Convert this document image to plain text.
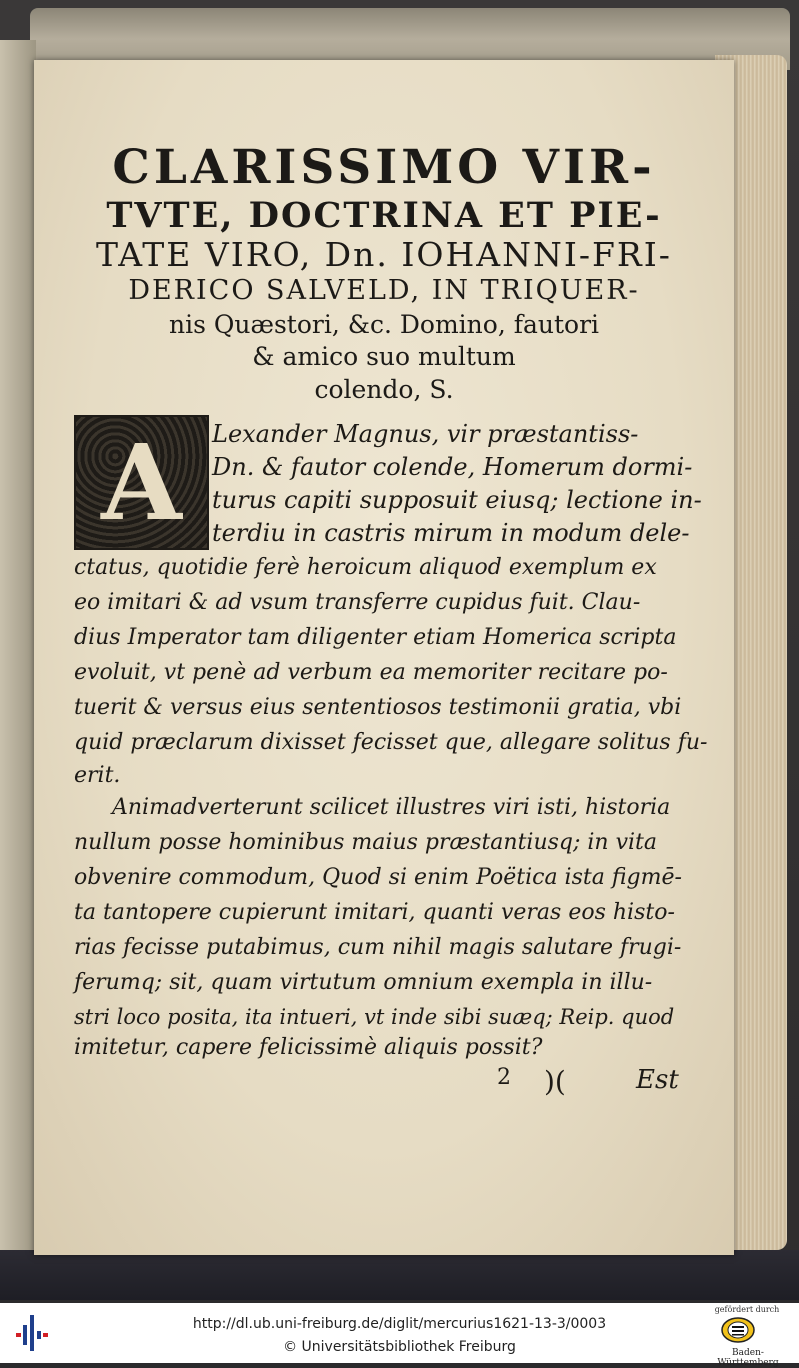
CLARISSIMO VIR-
TVTE, DOCTRINA ET PIE-
TATE VIRO, Dn. IOHANNI-FRI-
DERICO SALVELD, IN TRIQUER-
nis Quæstori, &c. Domino, fautori
& amico suo multum
colendo, S.
A	Lexander Magnus, vir præstantiss-
Dn. & fautor colende, Homerum dormi-
turus capiti supposuit eiusq; lectione in-
terdiu in castris mirum in modum dele-
ctatus, quotidie ferè heroicum aliquod exemplum ex
eo imitari & ad vsum transferre cupidus fuit. Clau-
dius Imperator tam diligenter etiam Homerica scripta
evoluit, vt penè ad verbum ea memoriter recitare po-
tuerit & versus eius sententiosos testimonii gratia, vbi
quid præclarum dixisset fecisset que, allegare solitus fu-
erit.
Animadverterunt scilicet illustres viri isti, historia
nullum posse hominibus maius præstantiusq; in vita
obvenire commodum, Quod si enim Poëtica ista figmē-
ta tantopere cupierunt imitari, quanti veras eos histo-
rias fecisse putabimus, cum nihil magis salutare frugi-
ferumq; sit, quam virtutum omnium exempla in illu-
stri loco posita, ita intueri, vt inde sibi suæq; Reip. quod
imitetur, capere felicissimè aliquis possit?
2 )(	Est
http://dl.ub.uni-freiburg.de/diglit/mercurius1621-13-3/0003
© Universitätsbibliothek Freiburg
gefördert durch
Baden-Württemberg
